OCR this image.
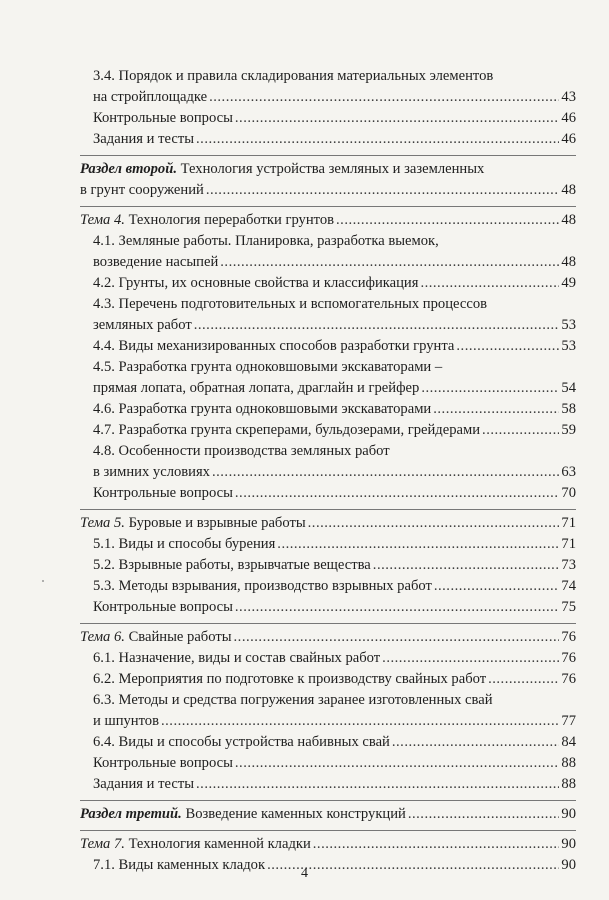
3.4. Порядок и правила складирования материальных элементов
на стройплощадке .....	43
Контрольные вопросы .....	46
Задания и тесты .....	46
Раздел второй. Технология устройства земляных и заземленных
в грунт сооружений .....	48
Тема 4. Технология переработки грунтов .....	48
4.1. Земляные работы. Планировка, разработка выемок,
возведение насыпей .....	48
4.2. Грунты, их основные свойства и классификация .....	49
4.3. Перечень подготовительных и вспомогательных процессов
земляных работ .....	53
4.4. Виды механизированных способов разработки грунта .....	53
4.5. Разработка грунта одноковшовыми экскаваторами –
прямая лопата, обратная лопата, драглайн и грейфер .....	54
4.6. Разработка грунта одноковшовыми экскаваторами .....	58
4.7. Разработка грунта скреперами, бульдозерами, грейдерами .....	59
4.8. Особенности производства земляных работ
в зимних условиях .....	63
Контрольные вопросы .....	70
Тема 5. Буровые и взрывные работы .....	71
5.1. Виды и способы бурения .....	71
5.2. Взрывные работы, взрывчатые вещества .....	73
5.3. Методы взрывания, производство взрывных работ .....	74
Контрольные вопросы .....	75
Тема 6. Свайные работы .....	76
6.1. Назначение, виды и состав свайных работ .....	76
6.2. Мероприятия по подготовке к производству свайных работ .....	76
6.3. Методы и средства погружения заранее изготовленных свай
и шпунтов .....	77
6.4. Виды и способы устройства набивных свай .....	84
Контрольные вопросы .....	88
Задания и тесты .....	88
Раздел третий. Возведение каменных конструкций .....	90
Тема 7. Технология каменной кладки .....	90
7.1. Виды каменных кладок .....	90
4
